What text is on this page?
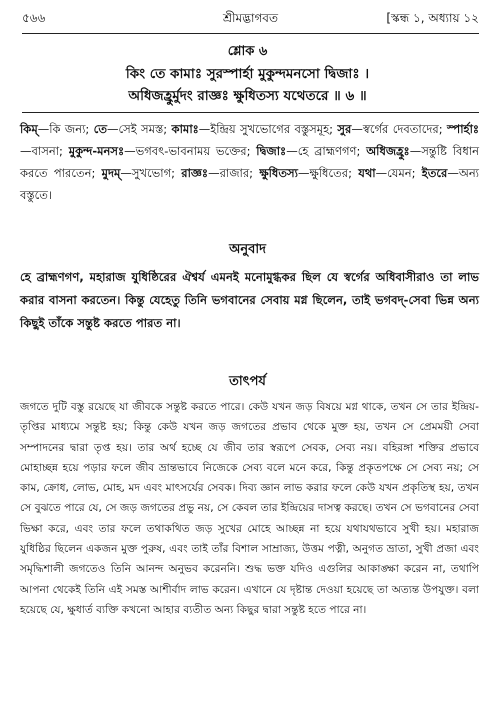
৫৬৬	শ্রীমদ্ভাগবত	[স্কন্ধ ১, অধ্যায় ১২
শ্লোক ৬
কিং তে কামাঃ সুরস্পার্হা মুকুন্দমনসো দ্বিজাঃ ।
অধিজহ্রুর্মুদং রাজ্ঞঃ ক্ষুধিতস্য যথেতরে ॥ ৬ ॥
কিম্—কি জন্য; তে—সেই সমস্ত; কামাঃ—ইন্দ্রিয় সুখভোগের বস্তুসমূহ; সুর—স্বর্গের দেবতাদের; স্পার্হাঃ—বাসনা; মুকুন্দ-মনসঃ—ভগবৎ-ভাবনাময় ভক্তের; দ্বিজাঃ—হে ব্রাহ্মণগণ; অধিজহ্রুঃ—সন্তুষ্টি বিধান করতে পারতেন; মুদম্—সুখভোগ; রাজ্ঞঃ—রাজার; ক্ষুধিতস্য—ক্ষুধিতের; যথা—যেমন; ইতরে—অন্য বস্তুতে।
অনুবাদ
হে ব্রাহ্মণগণ, মহারাজ যুধিষ্ঠিরের ঐশ্বর্য এমনই মনোমুগ্ধকর ছিল যে স্বর্গের অধিবাসীরাও তা লাভ করার বাসনা করতেন। কিন্তু যেহেতু তিনি ভগবানের সেবায় মগ্ন ছিলেন, তাই ভগবদ্-সেবা ভিন্ন অন্য কিছুই তাঁকে সন্তুষ্ট করতে পারত না।
তাৎপর্য
জগতে দুটি বস্তু রয়েছে যা জীবকে সন্তুষ্ট করতে পারে। কেউ যখন জড় বিষয়ে মগ্ন থাকে, তখন সে তার ইন্দ্রিয়-তৃপ্তির মাধ্যমে সন্তুষ্ট হয়; কিন্তু কেউ যখন জড় জগতের প্রভাব থেকে মুক্ত হয়, তখন সে প্রেমময়ী সেবা সম্পাদনের দ্বারা তৃপ্ত হয়। তার অর্থ হচ্ছে যে জীব তার স্বরূপে সেবক, সেব্য নয়। বহিরঙ্গা শক্তির প্রভাবে মোহাচ্ছন্ন হয়ে পড়ার ফলে জীব ভ্রান্তভাবে নিজেকে সেব্য বলে মনে করে, কিন্তু প্রকৃতপক্ষে সে সেব্য নয়; সে কাম, ক্রোধ, লোভ, মোহ, মদ এবং মাৎসর্যের সেবক। দিব্য জ্ঞান লাভ করার ফলে কেউ যখন প্রকৃতিস্থ হয়, তখন সে বুঝতে পারে যে, সে জড় জগতের প্রভু নয়, সে কেবল তার ইন্দ্রিয়ের দাসত্ব করছে। তখন সে ভগবানের সেবা ভিক্ষা করে, এবং তার ফলে তথাকথিত জড় সুখের মোহে আচ্ছন্ন না হয়ে যথাযথভাবে সুখী হয়। মহারাজ যুধিষ্ঠির ছিলেন একজন মুক্ত পুরুষ, এবং তাই তাঁর বিশাল সাম্রাজ্য, উত্তম পত্নী, অনুগত ভ্রাতা, সুখী প্রজা এবং সমৃদ্ধিশালী জগতেও তিনি আনন্দ অনুভব করেননি। শুদ্ধ ভক্ত যদিও এগুলির আকাঙ্ক্ষা করেন না, তথাপি আপনা থেকেই তিনি এই সমস্ত আশীর্বাদ লাভ করেন। এখানে যে দৃষ্টান্ত দেওয়া হয়েছে তা অত্যন্ত উপযুক্ত। বলা হয়েছে যে, ক্ষুধার্ত ব্যক্তি কখনো আহার ব্যতীত অন্য কিছুর দ্বারা সন্তুষ্ট হতে পারে না।
